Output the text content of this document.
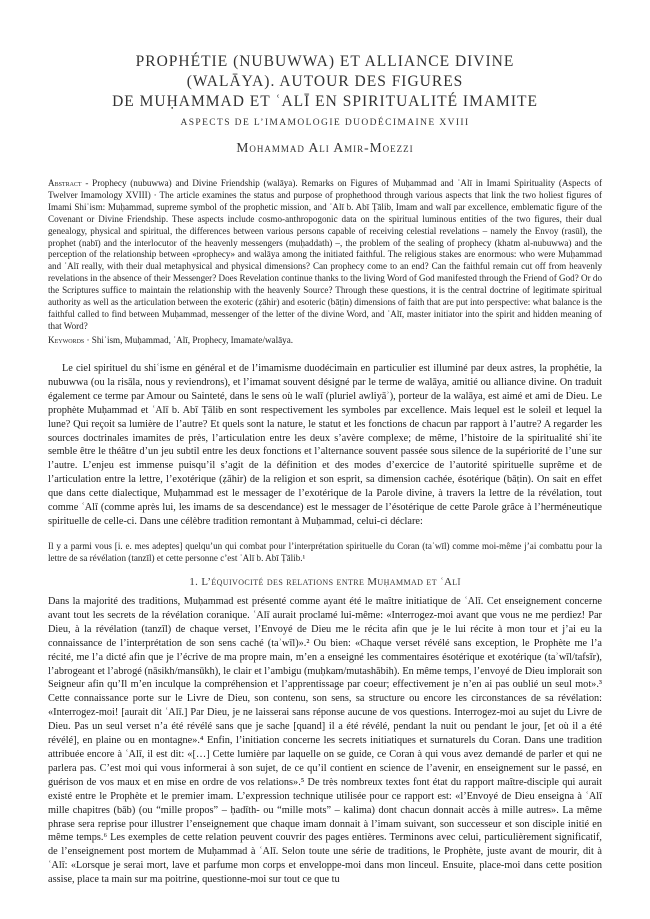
PROPHÉTIE (NUBUWWA) ET ALLIANCE DIVINE
(WALĀYA). AUTOUR DES FIGURES
DE MUḤAMMAD ET ʿALĪ EN SPIRITUALITÉ IMAMITE
ASPECTS DE L’IMAMOLOGIE DUODÉCIMAINE XVIII
Mohammad Ali Amir-Moezzi
Abstract - Prophecy (nubuwwa) and Divine Friendship (walāya). Remarks on Figures of Muḥammad and ʿAlī in Imami Spirituality (Aspects of Twelver Imamology XVIII) · The article examines the status and purpose of prophethood through various aspects that link the two holiest figures of Imami Shiʿism: Muḥammad, supreme symbol of the prophetic mission, and ʿAlī b. Abī Ṭālib, Imam and walī par excellence, emblematic figure of the Covenant or Divine Friendship. These aspects include cosmo-anthropogonic data on the spiritual luminous entities of the two figures, their dual genealogy, physical and spiritual, the differences between various persons capable of receiving celestial revelations – namely the Envoy (rasūl), the prophet (nabī) and the interlocutor of the heavenly messengers (muḥaddath) –, the problem of the sealing of prophecy (khatm al-nubuwwa) and the perception of the relationship between «prophecy» and walāya among the initiated faithful. The religious stakes are enormous: who were Muḥammad and ʿAlī really, with their dual metaphysical and physical dimensions? Can prophecy come to an end? Can the faithful remain cut off from heavenly revelations in the absence of their Messenger? Does Revelation continue thanks to the living Word of God manifested through the Friend of God? Or do the Scriptures suffice to maintain the relationship with the heavenly Source? Through these questions, it is the central doctrine of legitimate spiritual authority as well as the articulation between the exoteric (ẓāhir) and esoteric (bāṭin) dimensions of faith that are put into perspective: what balance is the faithful called to find between Muḥammad, messenger of the letter of the divine Word, and ʿAlī, master initiator into the spirit and hidden meaning of that Word?
Keywords · Shiʿism, Muḥammad, ʿAlī, Prophecy, Imamate/walāya.
Le ciel spirituel du shiʿisme en général et de l’imamisme duodécimain en particulier est illuminé par deux astres, la prophétie, la nubuwwa (ou la risāla, nous y reviendrons), et l’imamat souvent désigné par le terme de walāya, amitié ou alliance divine. On traduit également ce terme par Amour ou Sainteté, dans le sens où le walī (pluriel awliyāʾ), porteur de la walāya, est aimé et ami de Dieu. Le prophète Muḥammad et ʿAlī b. Abī Ṭālib en sont respectivement les symboles par excellence. Mais lequel est le soleil et lequel la lune? Qui reçoit sa lumière de l’autre? Et quels sont la nature, le statut et les fonctions de chacun par rapport à l’autre? A regarder les sources doctrinales imamites de près, l’articulation entre les deux s’avère complexe; de même, l’histoire de la spiritualité shiʿite semble être le théâtre d’un jeu subtil entre les deux fonctions et l’alternance souvent passée sous silence de la supériorité de l’une sur l’autre. L’enjeu est immense puisqu’il s’agit de la définition et des modes d’exercice de l’autorité spirituelle suprême et de l’articulation entre la lettre, l’exotérique (ẓāhir) de la religion et son esprit, sa dimension cachée, ésotérique (bāṭin). On sait en effet que dans cette dialectique, Muḥammad est le messager de l’exotérique de la Parole divine, à travers la lettre de la révélation, tout comme ʿAlī (comme après lui, les imams de sa descendance) est le messager de l’ésotérique de cette Parole grâce à l’herméneutique spirituelle de celle-ci. Dans une célèbre tradition remontant à Muḥammad, celui-ci déclare:
Il y a parmi vous [i. e. mes adeptes] quelqu’un qui combat pour l’interprétation spirituelle du Coran (taʾwīl) comme moi-même j’ai combattu pour la lettre de sa révélation (tanzīl) et cette personne c’est ʿAlī b. Abī Ṭālib.¹
1. L’équivocité des relations entre Muḥammad et ʿAlī
Dans la majorité des traditions, Muḥammad est présenté comme ayant été le maître initiatique de ʿAlī. Cet enseignement concerne avant tout les secrets de la révélation coranique. ʿAlī aurait proclamé lui-même: «Interrogez-moi avant que vous ne me perdiez! Par Dieu, à la révélation (tanzīl) de chaque verset, l’Envoyé de Dieu me le récita afin que je le lui récite à mon tour et j’ai eu la connaissance de l’interprétation de son sens caché (taʾwīl)».² Ou bien: «Chaque verset révélé sans exception, le Prophète me l’a récité, me l’a dicté afin que je l’écrive de ma propre main, m’en a enseigné les commentaires ésotérique et exotérique (taʾwīl/tafsīr), l’abrogeant et l’abrogé (nāsikh/mansūkh), le clair et l’ambigu (muḥkam/mutashābih). En même temps, l’envoyé de Dieu implorait son Seigneur afin qu’Il m’en inculque la compréhension et l’apprentissage par coeur; effectivement je n’en ai pas oublié un seul mot».³ Cette connaissance porte sur le Livre de Dieu, son contenu, son sens, sa structure ou encore les circonstances de sa révélation: «Interrogez-moi! [aurait dit ʿAlī.] Par Dieu, je ne laisserai sans réponse aucune de vos questions. Interrogez-moi au sujet du Livre de Dieu. Pas un seul verset n’a été révélé sans que je sache [quand] il a été révélé, pendant la nuit ou pendant le jour, [et où il a été révélé], en plaine ou en montagne».⁴ Enfin, l’initiation concerne les secrets initiatiques et surnaturels du Coran. Dans une tradition attribuée encore à ʿAlī, il est dit: «[…] Cette lumière par laquelle on se guide, ce Coran à qui vous avez demandé de parler et qui ne parlera pas. C’est moi qui vous informerai à son sujet, de ce qu’il contient en science de l’avenir, en enseignement sur le passé, en guérison de vos maux et en mise en ordre de vos relations».⁵ De très nombreux textes font état du rapport maître-disciple qui aurait existé entre le Prophète et le premier imam. L’expression technique utilisée pour ce rapport est: «l’Envoyé de Dieu enseigna à ʿAlī mille chapitres (bāb) (ou “mille propos” – ḥadīth- ou “mille mots” – kalima) dont chacun donnait accès à mille autres». La même phrase sera reprise pour illustrer l’enseignement que chaque imam donnait à l’imam suivant, son successeur et son disciple initié en même temps.⁶ Les exemples de cette relation peuvent couvrir des pages entières. Terminons avec celui, particulièrement significatif, de l’enseignement post mortem de Muḥammad à ʿAlī. Selon toute une série de traditions, le Prophète, juste avant de mourir, dit à ʿAlī: «Lorsque je serai mort, lave et parfume mon corps et enveloppe-moi dans mon linceul. Ensuite, place-moi dans cette position assise, place ta main sur ma poitrine, questionne-moi sur tout ce que tu
